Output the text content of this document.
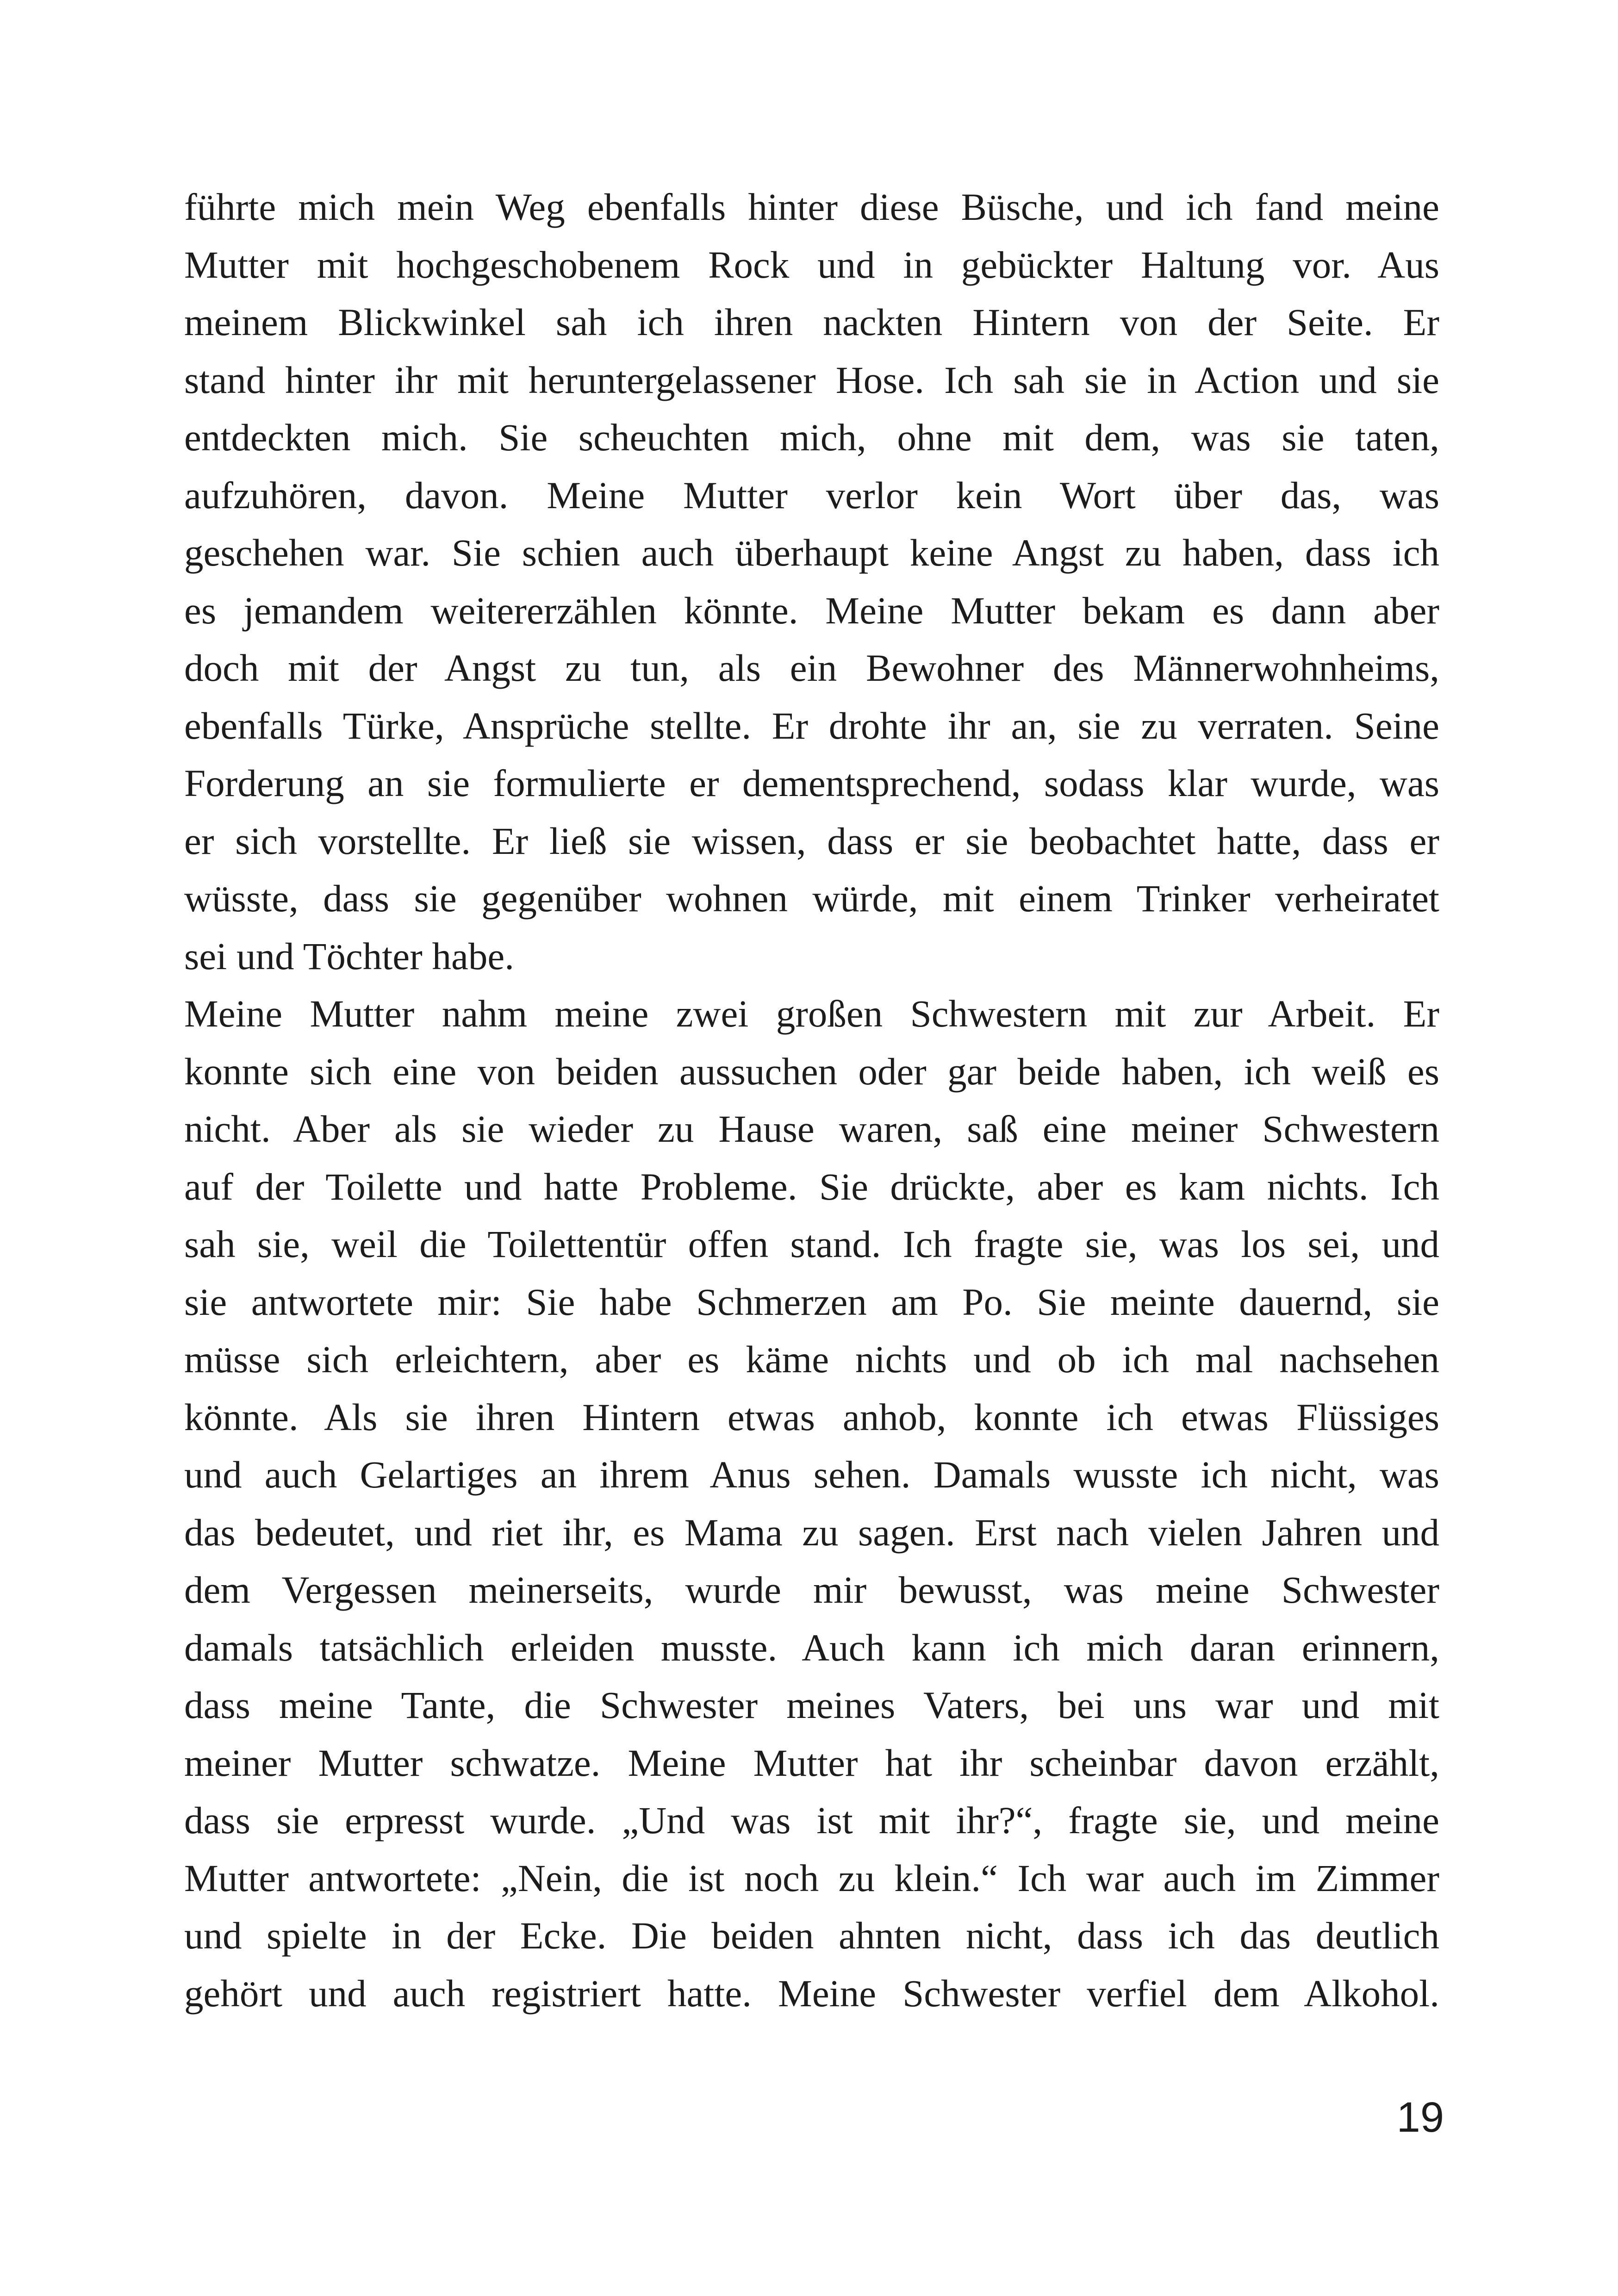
führte mich mein Weg ebenfalls hinter diese Büsche, und ich fand meine
Mutter mit hochgeschobenem Rock und in gebückter Haltung vor. Aus
meinem Blickwinkel sah ich ihren nackten Hintern von der Seite. Er
stand hinter ihr mit heruntergelassener Hose. Ich sah sie in Action und sie
entdeckten mich. Sie scheuchten mich, ohne mit dem, was sie taten,
aufzuhören, davon. Meine Mutter verlor kein Wort über das, was
geschehen war. Sie schien auch überhaupt keine Angst zu haben, dass ich
es jemandem weitererzählen könnte. Meine Mutter bekam es dann aber
doch mit der Angst zu tun, als ein Bewohner des Männerwohnheims,
ebenfalls Türke, Ansprüche stellte. Er drohte ihr an, sie zu verraten. Seine
Forderung an sie formulierte er dementsprechend, sodass klar wurde, was
er sich vorstellte. Er ließ sie wissen, dass er sie beobachtet hatte, dass er
wüsste, dass sie gegenüber wohnen würde, mit einem Trinker verheiratet
sei und Töchter habe.
Meine Mutter nahm meine zwei großen Schwestern mit zur Arbeit. Er
konnte sich eine von beiden aussuchen oder gar beide haben, ich weiß es
nicht. Aber als sie wieder zu Hause waren, saß eine meiner Schwestern
auf der Toilette und hatte Probleme. Sie drückte, aber es kam nichts. Ich
sah sie, weil die Toilettentür offen stand. Ich fragte sie, was los sei, und
sie antwortete mir: Sie habe Schmerzen am Po. Sie meinte dauernd, sie
müsse sich erleichtern, aber es käme nichts und ob ich mal nachsehen
könnte. Als sie ihren Hintern etwas anhob, konnte ich etwas Flüssiges
und auch Gelartiges an ihrem Anus sehen. Damals wusste ich nicht, was
das bedeutet, und riet ihr, es Mama zu sagen. Erst nach vielen Jahren und
dem Vergessen meinerseits, wurde mir bewusst, was meine Schwester
damals tatsächlich erleiden musste. Auch kann ich mich daran erinnern,
dass meine Tante, die Schwester meines Vaters, bei uns war und mit
meiner Mutter schwatze. Meine Mutter hat ihr scheinbar davon erzählt,
dass sie erpresst wurde. „Und was ist mit ihr?“, fragte sie, und meine
Mutter antwortete: „Nein, die ist noch zu klein.“ Ich war auch im Zimmer
und spielte in der Ecke. Die beiden ahnten nicht, dass ich das deutlich
gehört und auch registriert hatte. Meine Schwester verfiel dem Alkohol.
19
